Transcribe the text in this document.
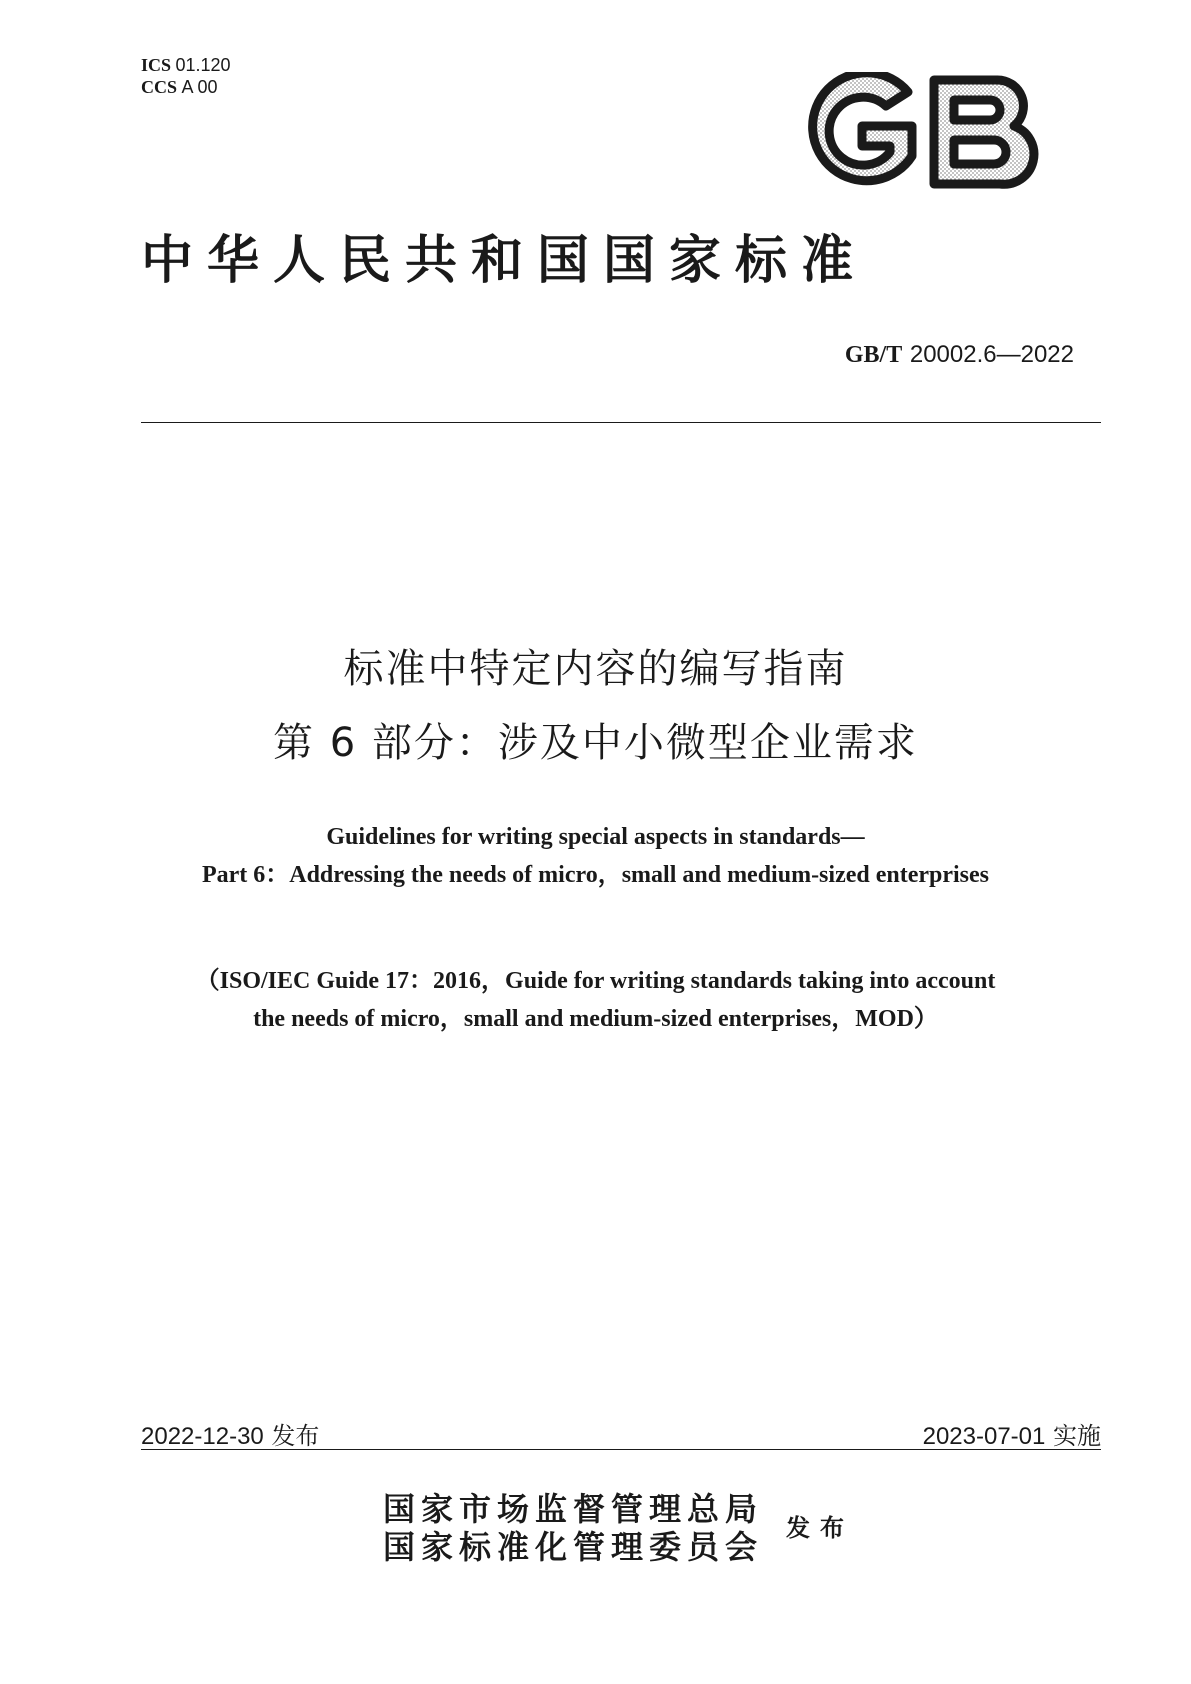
ICS 01.120
CCS A 00
中华人民共和国国家标准
GB/T 20002.6—2022
标准中特定内容的编写指南
第 6 部分：涉及中小微型企业需求
Guidelines for writing special aspects in standards—
Part 6：Addressing the needs of micro，small and medium-sized enterprises
（ISO/IEC Guide 17：2016，Guide for writing standards taking into account
the needs of micro，small and medium-sized enterprises，MOD）
2022-12-30 发布	2023-07-01 实施
国家市场监督管理总局
国家标准化管理委员会
发布
